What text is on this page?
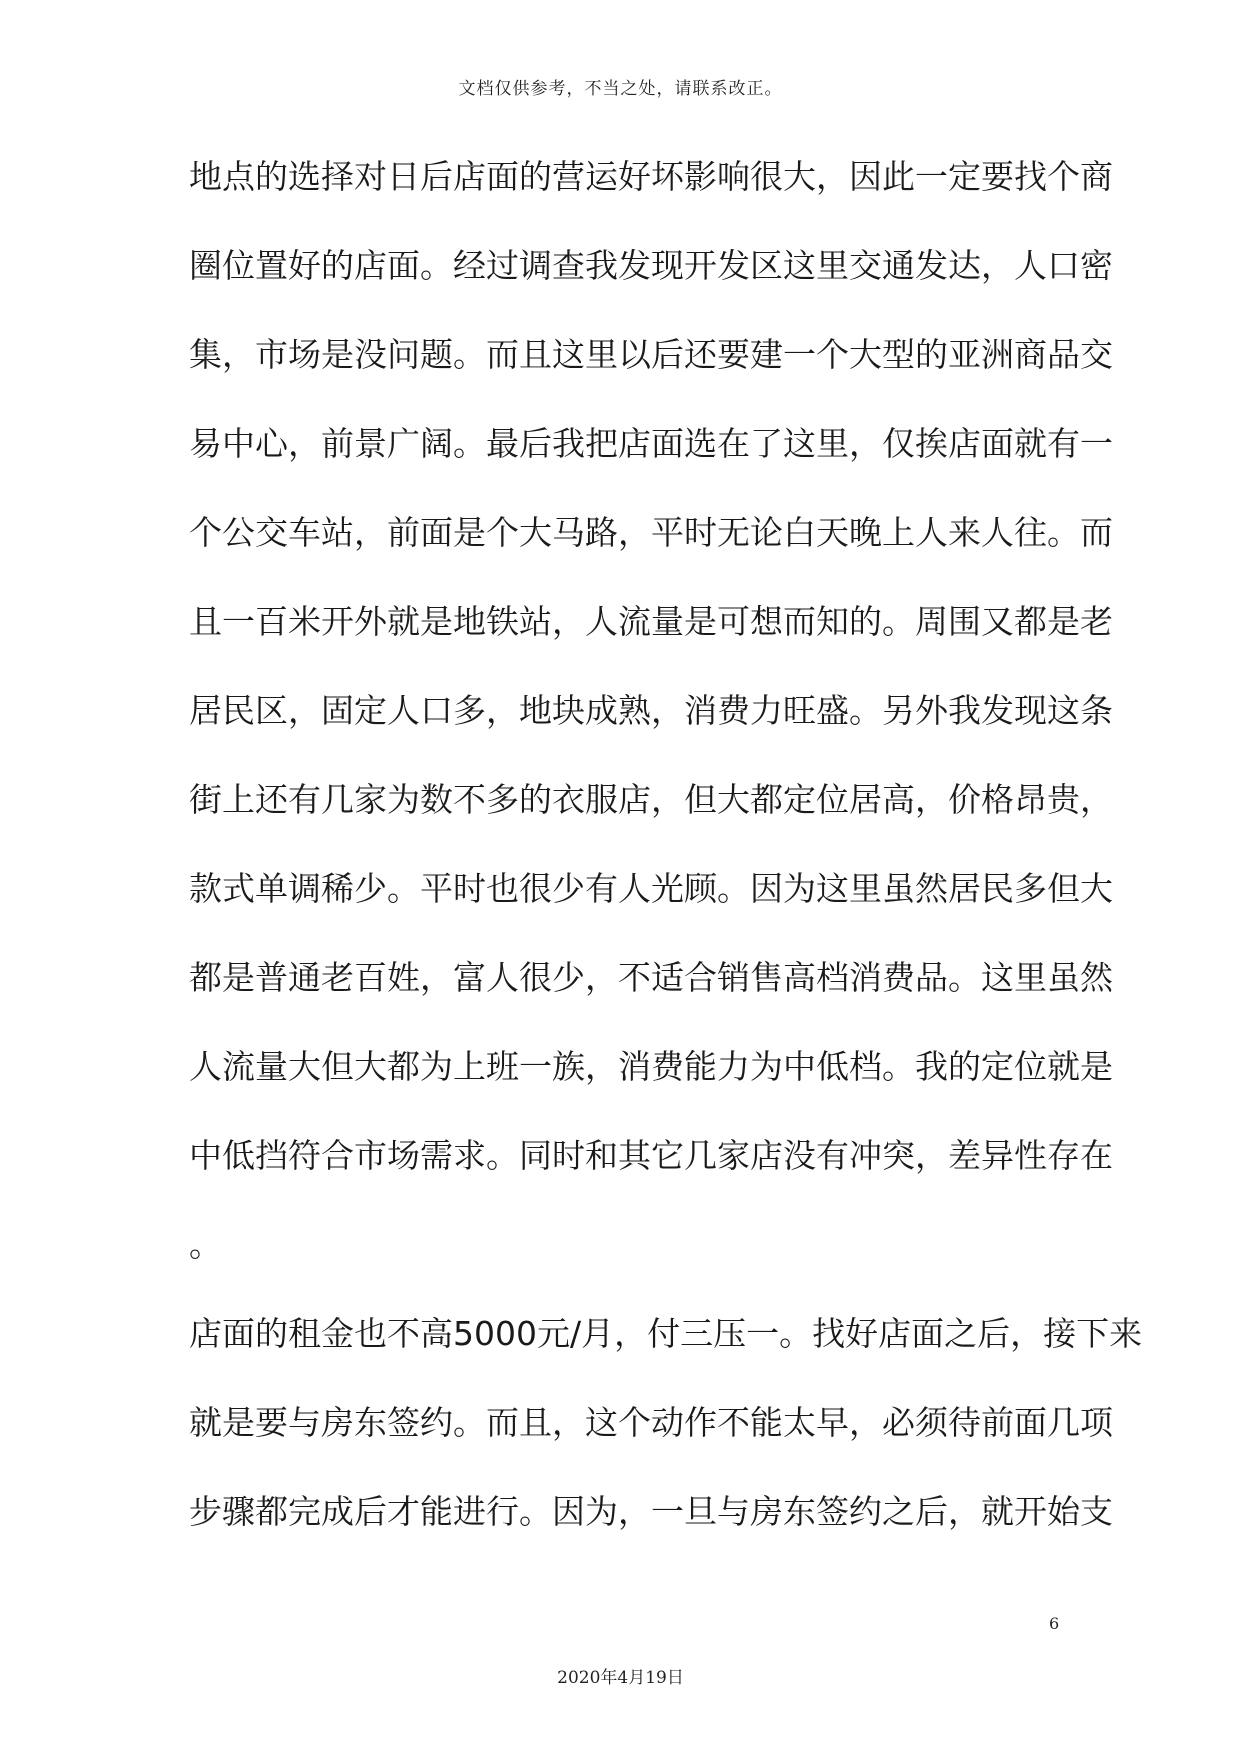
文档仅供参考，不当之处，请联系改正。
地点的选择对日后店面的营运好坏影响很大，因此一定要找个商
圈位置好的店面。经过调查我发现开发区这里交通发达，人口密
集，市场是没问题。而且这里以后还要建一个大型的亚洲商品交
易中心，前景广阔。最后我把店面选在了这里，仅挨店面就有一
个公交车站，前面是个大马路，平时无论白天晚上人来人往。而
且一百米开外就是地铁站，人流量是可想而知的。周围又都是老
居民区，固定人口多，地块成熟，消费力旺盛。另外我发现这条
街上还有几家为数不多的衣服店，但大都定位居高，价格昂贵，
款式单调稀少。平时也很少有人光顾。因为这里虽然居民多但大
都是普通老百姓，富人很少，不适合销售高档消费品。这里虽然
人流量大但大都为上班一族，消费能力为中低档。我的定位就是
中低挡符合市场需求。同时和其它几家店没有冲突，差异性存在
。
店面的租金也不高5000元/月，付三压一。找好店面之后，接下来
就是要与房东签约。而且，这个动作不能太早，必须待前面几项
步骤都完成后才能进行。因为，一旦与房东签约之后，就开始支
6
2020年4月19日
